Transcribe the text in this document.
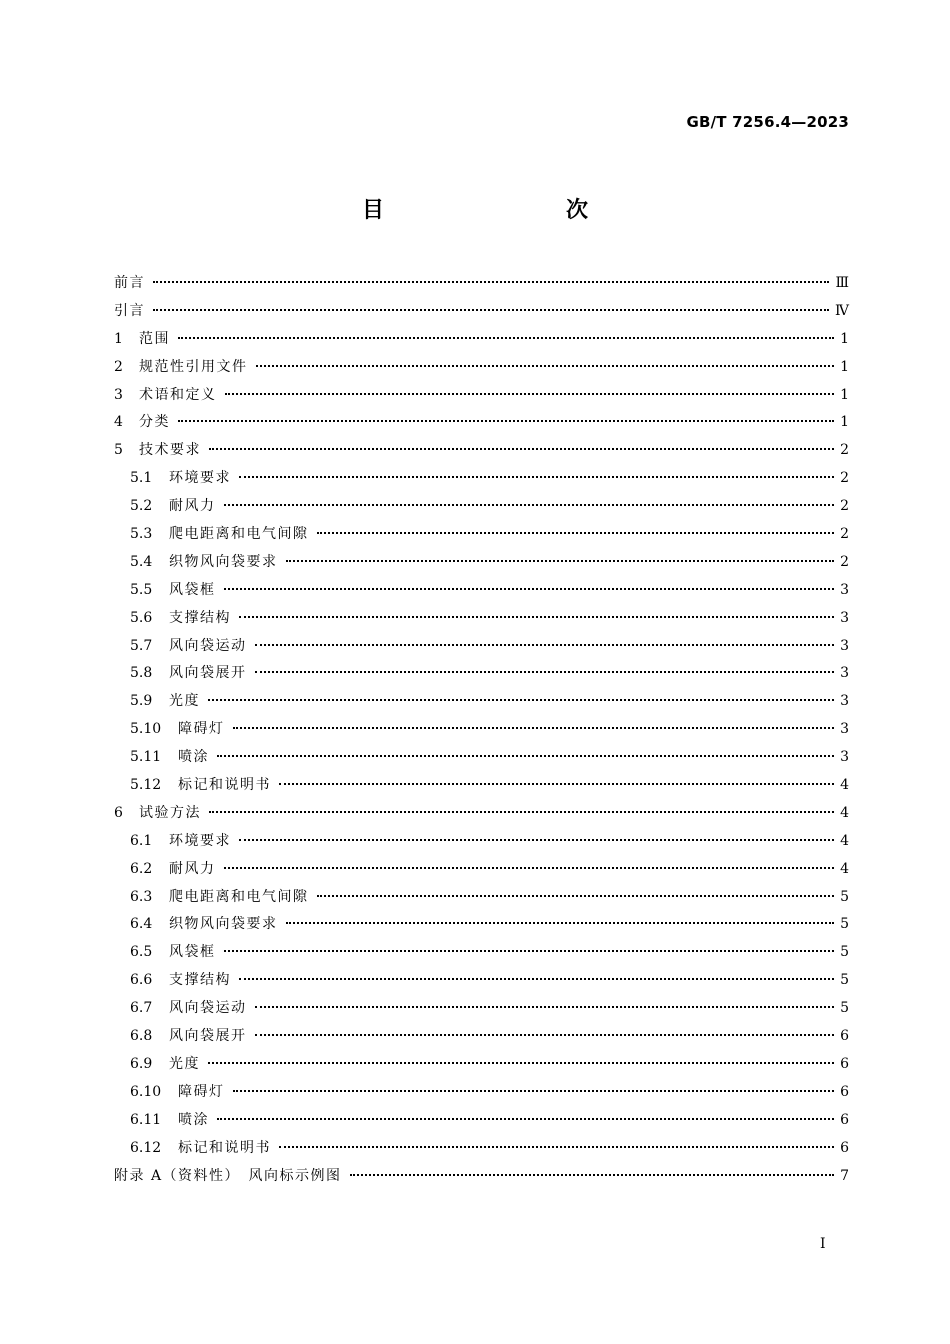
GB/T 7256.4—2023
目　　次
前言	Ⅲ
引言	Ⅳ
1	范围	1
2	规范性引用文件	1
3	术语和定义	1
4	分类	1
5	技术要求	2
5.1	环境要求	2
5.2	耐风力	2
5.3	爬电距离和电气间隙	2
5.4	织物风向袋要求	2
5.5	风袋框	3
5.6	支撑结构	3
5.7	风向袋运动	3
5.8	风向袋展开	3
5.9	光度	3
5.10	障碍灯	3
5.11	喷涂	3
5.12	标记和说明书	4
6	试验方法	4
6.1	环境要求	4
6.2	耐风力	4
6.3	爬电距离和电气间隙	5
6.4	织物风向袋要求	5
6.5	风袋框	5
6.6	支撑结构	5
6.7	风向袋运动	5
6.8	风向袋展开	6
6.9	光度	6
6.10	障碍灯	6
6.11	喷涂	6
6.12	标记和说明书	6
附录 A（资料性）　风向标示例图	7
Ⅰ
